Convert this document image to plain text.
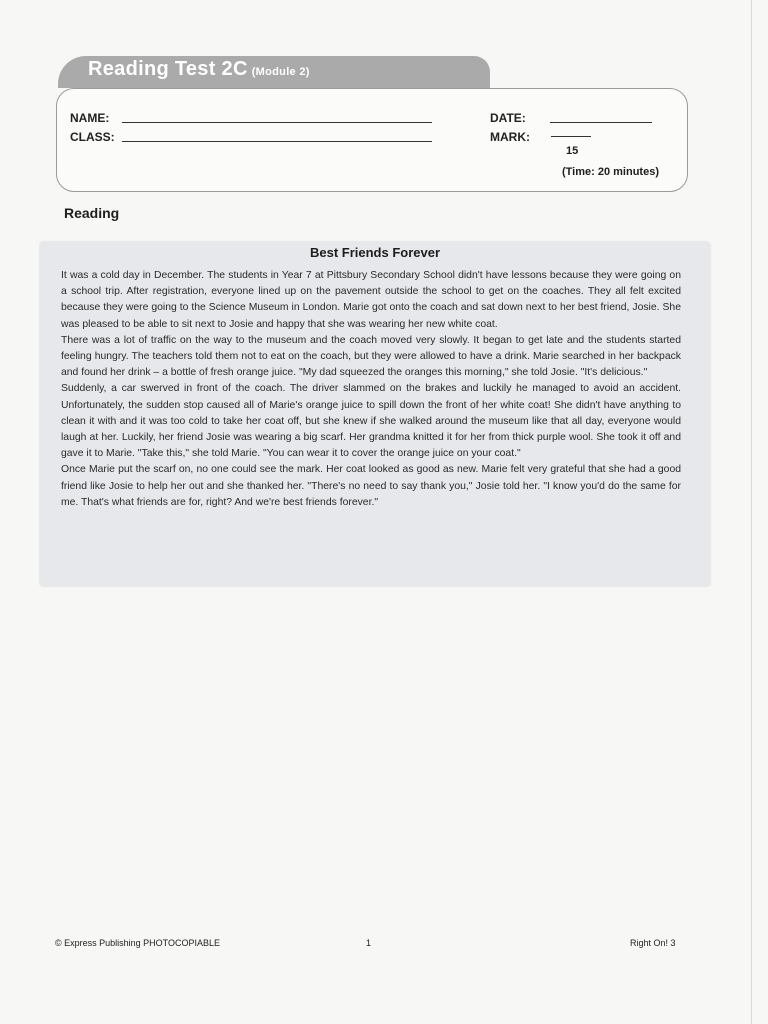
Reading Test 2C (Module 2)
NAME:
CLASS:
DATE:
MARK:
15
(Time: 20 minutes)
Reading
Best Friends Forever

It was a cold day in December. The students in Year 7 at Pittsbury Secondary School didn't have lessons because they were going on a school trip. After registration, everyone lined up on the pavement outside the school to get on the coaches. They all felt excited because they were going to the Science Museum in London. Marie got onto the coach and sat down next to her best friend, Josie. She was pleased to be able to sit next to Josie and happy that she was wearing her new white coat.

There was a lot of traffic on the way to the museum and the coach moved very slowly. It began to get late and the students started feeling hungry. The teachers told them not to eat on the coach, but they were allowed to have a drink. Marie searched in her backpack and found her drink – a bottle of fresh orange juice. "My dad squeezed the oranges this morning," she told Josie. "It's delicious."

Suddenly, a car swerved in front of the coach. The driver slammed on the brakes and luckily he managed to avoid an accident. Unfortunately, the sudden stop caused all of Marie's orange juice to spill down the front of her white coat! She didn't have anything to clean it with and it was too cold to take her coat off, but she knew if she walked around the museum like that all day, everyone would laugh at her. Luckily, her friend Josie was wearing a big scarf. Her grandma knitted it for her from thick purple wool. She took it off and gave it to Marie. "Take this," she told Marie. "You can wear it to cover the orange juice on your coat."

Once Marie put the scarf on, no one could see the mark. Her coat looked as good as new. Marie felt very grateful that she had a good friend like Josie to help her out and she thanked her. "There's no need to say thank you," Josie told her. "I know you'd do the same for me. That's what friends are for, right? And we're best friends forever."

© Express Publishing PHOTOCOPIABLE	1	Right On! 3
